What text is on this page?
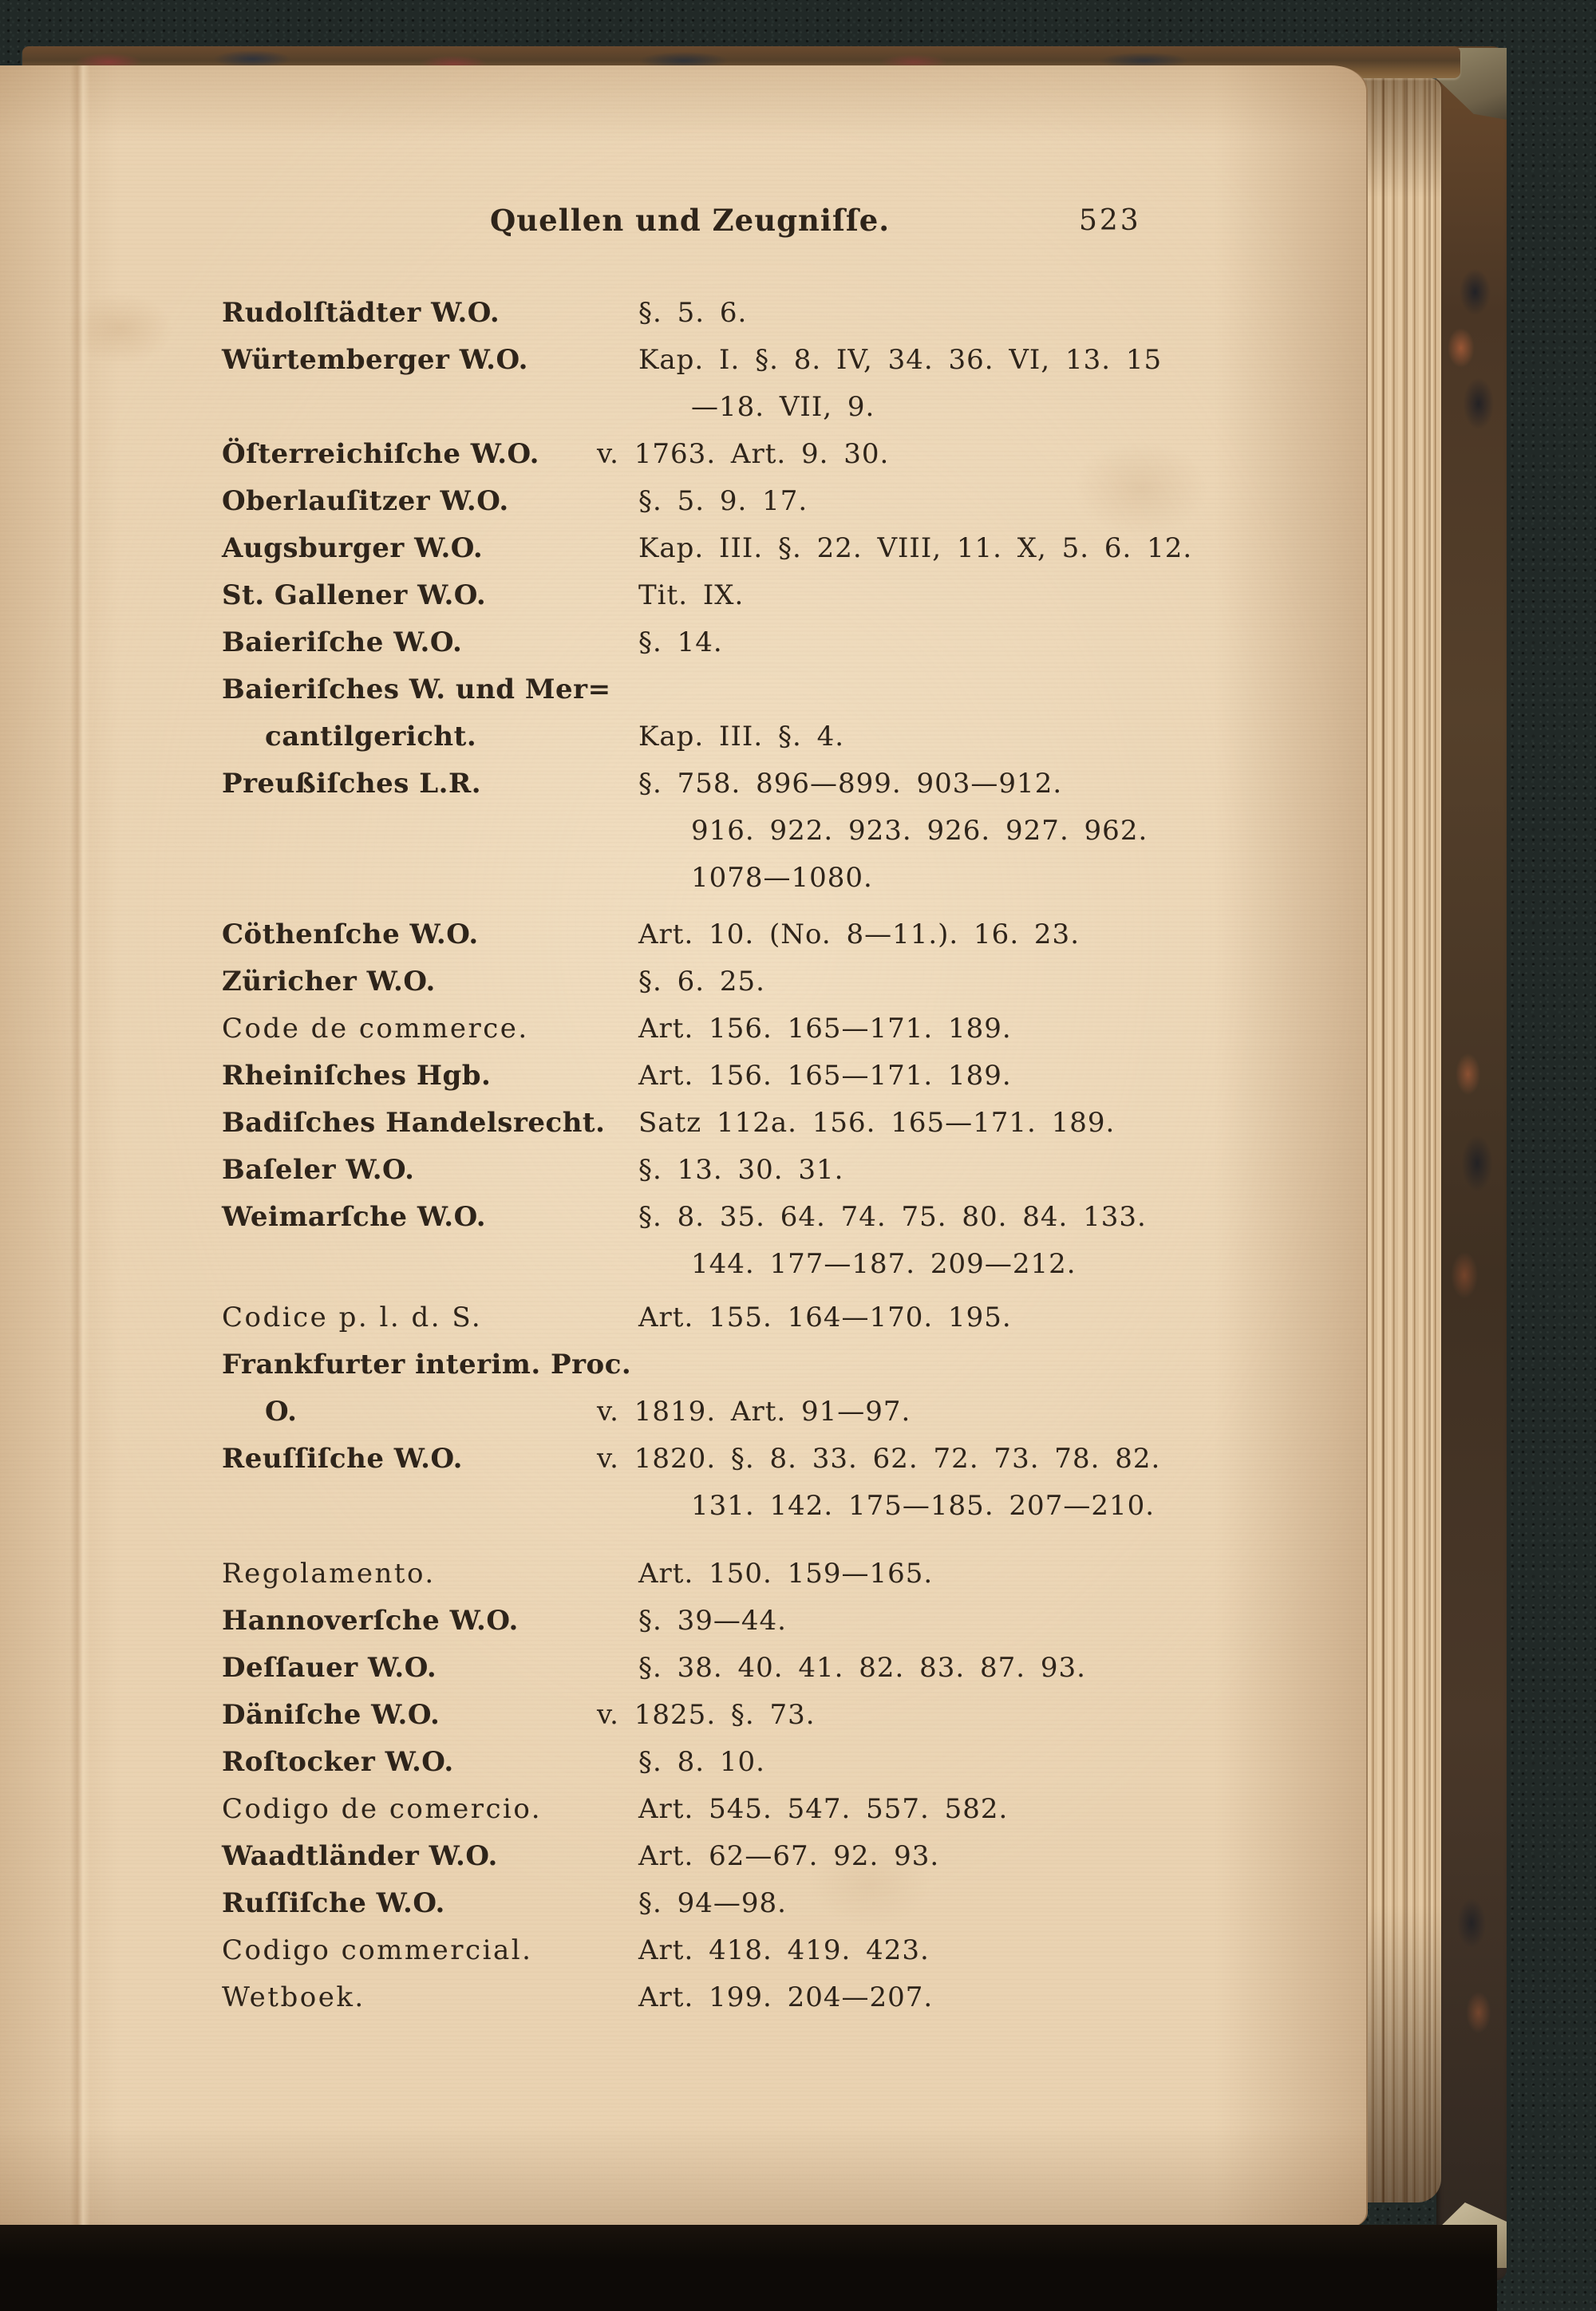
Quellen und Zeugniſſe.	523
Rudolſtädter W.O.	§. 5. 6.
Würtemberger W.O.	Kap. I. §. 8. IV, 34. 36. VI, 13. 15
—18. VII, 9.
Öſterreichiſche W.O. v. 1763. Art. 9. 30.
Oberlauſitzer W.O.	§. 5. 9. 17.
Augsburger W.O.	Kap. III. §. 22. VIII, 11. X, 5. 6. 12.
St. Gallener W.O.	Tit. IX.
Baieriſche W.O.	§. 14.
Baieriſches W. und Mer=
cantilgericht.	Kap. III. §. 4.
Preußiſches L.R.	§. 758. 896—899. 903—912.
916. 922. 923. 926. 927. 962.
1078—1080.
Cöthenſche W.O.	Art. 10. (No. 8—11.). 16. 23.
Züricher W.O.	§. 6. 25.
Code de commerce.	Art. 156. 165—171. 189.
Rheiniſches Hgb.	Art. 156. 165—171. 189.
Badiſches Handelsrecht. Satz 112a. 156. 165—171. 189.
Baſeler W.O.	§. 13. 30. 31.
Weimarſche W.O.	§. 8. 35. 64. 74. 75. 80. 84. 133.
144. 177—187. 209—212.
Codice p. l. d. S.	Art. 155. 164—170. 195.
Frankfurter interim. Proc.
O.	v. 1819. Art. 91—97.
Reuſſiſche W.O.	v. 1820. §. 8. 33. 62. 72. 73. 78. 82.
131. 142. 175—185. 207—210.
Regolamento.	Art. 150. 159—165.
Hannoverſche W.O.	§. 39—44.
Deſſauer W.O.	§. 38. 40. 41. 82. 83. 87. 93.
Däniſche W.O.	v. 1825. §. 73.
Roſtocker W.O.	§. 8. 10.
Codigo de comercio.	Art. 545. 547. 557. 582.
Waadtländer W.O.	Art. 62—67. 92. 93.
Ruſſiſche W.O.	§. 94—98.
Codigo commercial.	Art. 418. 419. 423.
Wetboek.	Art. 199. 204—207.
